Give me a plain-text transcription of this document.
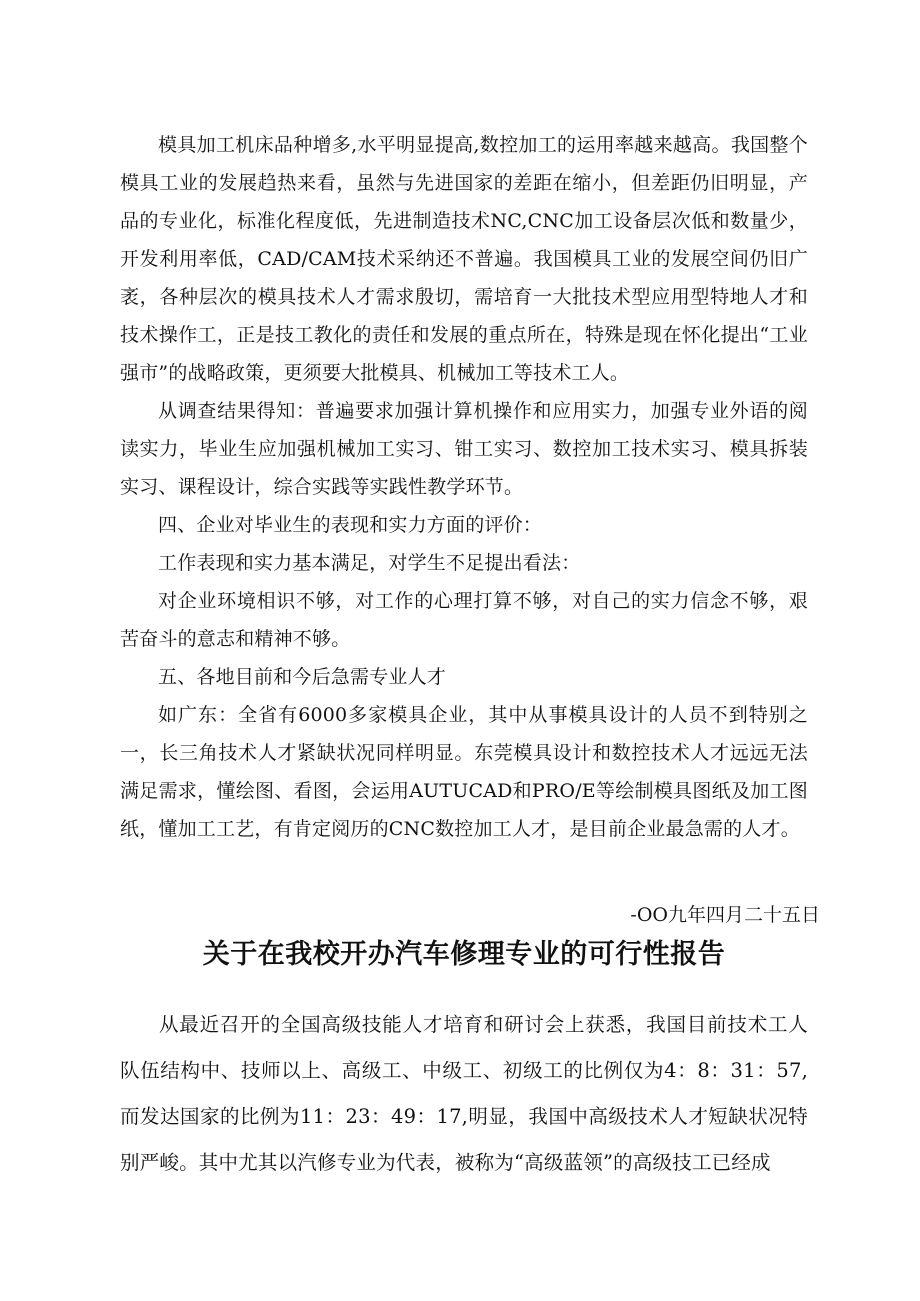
模具加工机床品种增多,水平明显提高,数控加工的运用率越来越高。我国整个模具工业的发展趋热来看，虽然与先进国家的差距在缩小，但差距仍旧明显，产品的专业化，标准化程度低，先进制造技术NC,CNC加工设备层次低和数量少，开发利用率低，CAD/CAM技术采纳还不普遍。我国模具工业的发展空间仍旧广袤，各种层次的模具技术人才需求殷切，需培育一大批技术型应用型特地人才和技术操作工，正是技工教化的责任和发展的重点所在，特殊是现在怀化提出“工业强市”的战略政策，更须要大批模具、机械加工等技术工人。

从调查结果得知：普遍要求加强计算机操作和应用实力，加强专业外语的阅读实力，毕业生应加强机械加工实习、钳工实习、数控加工技术实习、模具拆装实习、课程设计，综合实践等实践性教学环节。

四、企业对毕业生的表现和实力方面的评价：

工作表现和实力基本满足，对学生不足提出看法：

对企业环境相识不够，对工作的心理打算不够，对自己的实力信念不够，艰苦奋斗的意志和精神不够。

五、各地目前和今后急需专业人才

如广东：全省有6000多家模具企业，其中从事模具设计的人员不到特别之一，长三角技术人才紧缺状况同样明显。东莞模具设计和数控技术人才远远无法满足需求，懂绘图、看图，会运用AUTUCAD和PRO/E等绘制模具图纸及加工图纸，懂加工工艺，有肯定阅历的CNC数控加工人才，是目前企业最急需的人才。

-OO九年四月二十五日

关于在我校开办汽车修理专业的可行性报告

从最近召开的全国高级技能人才培育和研讨会上获悉，我国目前技术工人队伍结构中、技师以上、高级工、中级工、初级工的比例仅为4：8：31：57,而发达国家的比例为11：23：49：17,明显，我国中高级技术人才短缺状况特别严峻。其中尤其以汽修专业为代表，被称为“高级蓝领”的高级技工已经成
